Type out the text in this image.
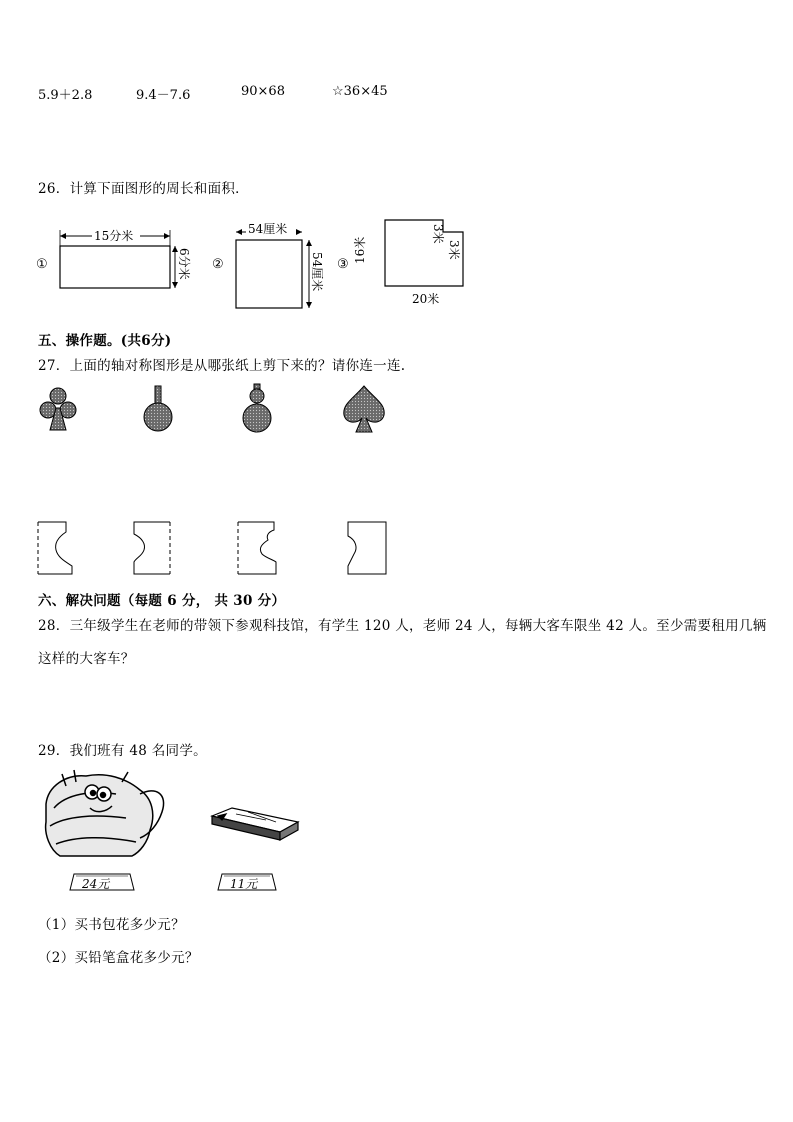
5.9＋2.8	9.4－7.6	90×68	☆36×45
26．计算下面图形的周长和面积．
①
15分米
6分米 ②
54厘米
54厘米 ③
16米
3米
3米
20米
五、操作题。(共6分)
27．上面的轴对称图形是从哪张纸上剪下来的？请你连一连.
六、解决问题（每题 6 分， 共 30 分）
28．三年级学生在老师的带领下参观科技馆，有学生 120 人，老师 24 人，每辆大客车限坐 42 人。至少需要租用几辆
这样的大客车？
29．我们班有 48 名同学。
24元	11元
（1）买书包花多少元？
（2）买铅笔盒花多少元？
